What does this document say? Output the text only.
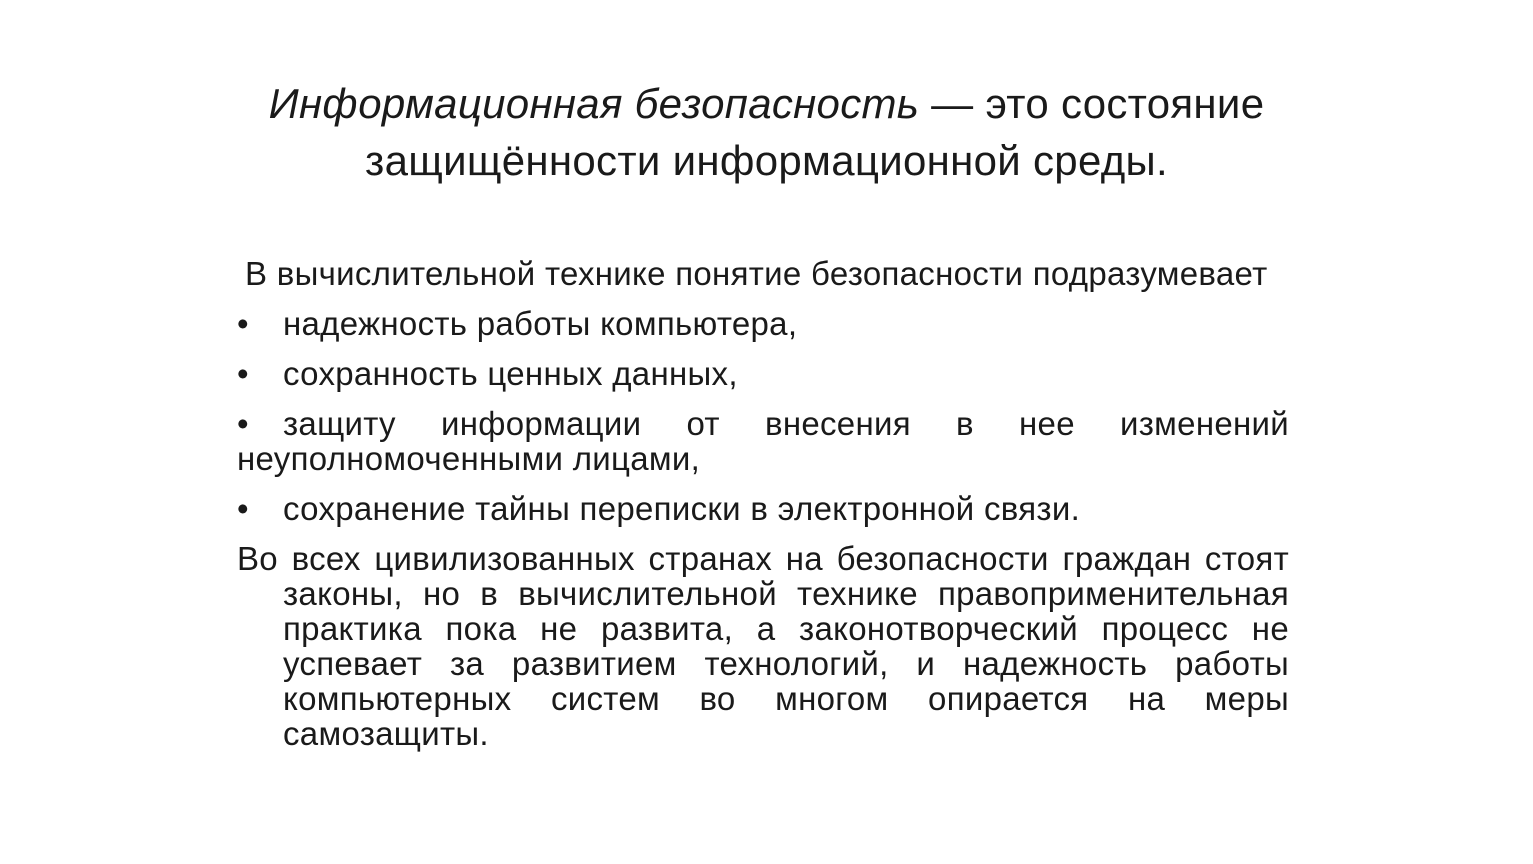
Информационная безопасность — это состояние
защищённости информационной среды.
В вычислительной технике понятие безопасности подразумевает
•	надежность работы компьютера,
•	сохранность ценных данных,
• защиту информации от внесения в нее изменений неуполномоченными лицами,
•	сохранение тайны переписки в электронной связи.
Во всех цивилизованных странах на безопасности граждан стоят законы, но в вычислительной технике правоприменительная практика пока не развита, а законотворческий процесс не успевает за развитием технологий, и надежность работы компьютерных систем во многом опирается на меры самозащиты.
